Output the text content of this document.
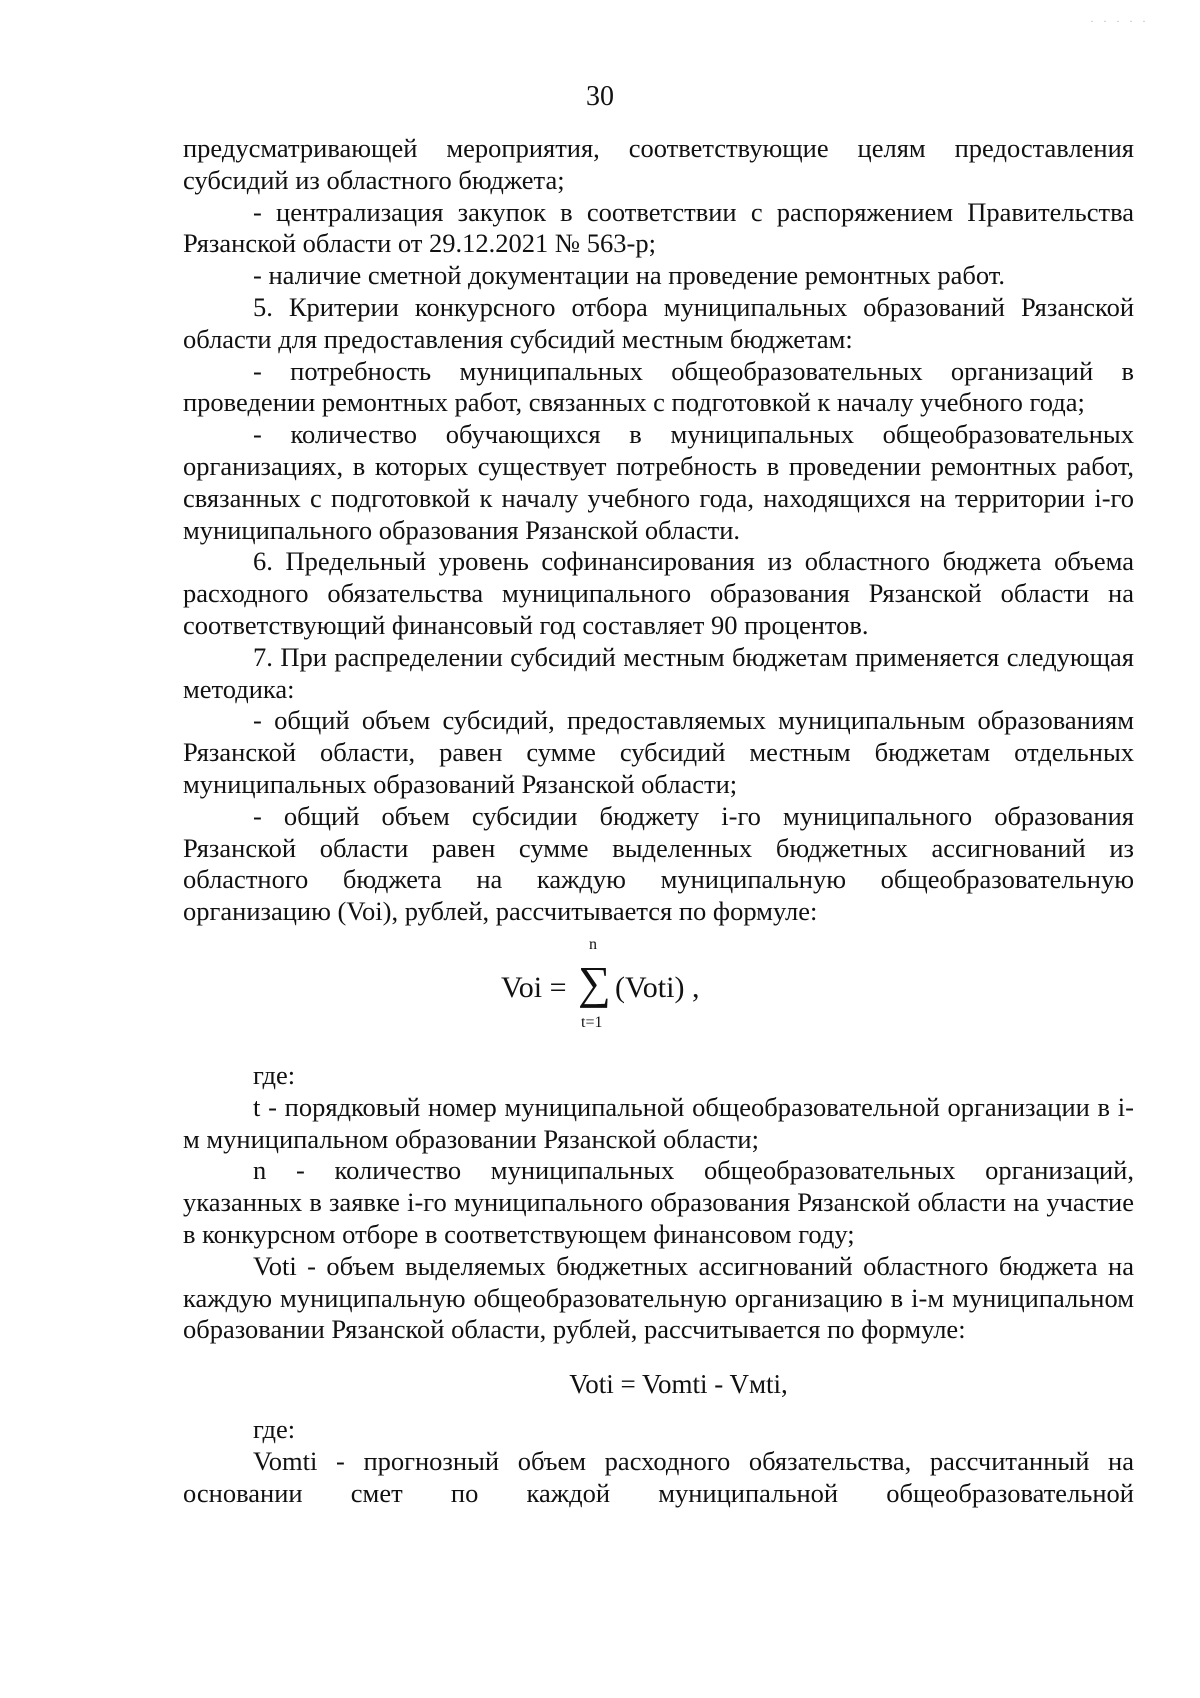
· · · · ·
30

предусматривающей мероприятия, соответствующие целям предоставления субсидий из областного бюджета;

- централизация закупок в соответствии с распоряжением Правительства Рязанской области от 29.12.2021 № 563-р;

- наличие сметной документации на проведение ремонтных работ.

5. Критерии конкурсного отбора муниципальных образований Рязанской области для предоставления субсидий местным бюджетам:

- потребность муниципальных общеобразовательных организаций в проведении ремонтных работ, связанных с подготовкой к началу учебного года;

- количество обучающихся в муниципальных общеобразовательных организациях, в которых существует потребность в проведении ремонтных работ, связанных с подготовкой к началу учебного года, находящихся на территории i-го муниципального образования Рязанской области.

6. Предельный уровень софинансирования из областного бюджета объема расходного обязательства муниципального образования Рязанской области на соответствующий финансовый год составляет 90 процентов.

7. При распределении субсидий местным бюджетам применяется следующая методика:

- общий объем субсидий, предоставляемых муниципальным образованиям Рязанской области, равен сумме субсидий местным бюджетам отдельных муниципальных образований Рязанской области;

- общий объем субсидии бюджету i-го муниципального образования Рязанской области равен сумме выделенных бюджетных ассигнований из областного бюджета на каждую муниципальную общеобразовательную организацию (Voi), рублей, рассчитывается по формуле:

Voi =
n
∑
t=1
(Voti) ,

где:

t - порядковый номер муниципальной общеобразовательной организации в i-м муниципальном образовании Рязанской области;

n - количество муниципальных общеобразовательных организаций, указанных в заявке i-го муниципального образования Рязанской области на участие в конкурсном отборе в соответствующем финансовом году;

Voti - объем выделяемых бюджетных ассигнований областного бюджета на каждую муниципальную общеобразовательную организацию в i-м муниципальном образовании Рязанской области, рублей, рассчитывается по формуле:

Voti = Vomti - Vмti,

где:

Vomti - прогнозный объем расходного обязательства, рассчитанный на основании смет по каждой муниципальной общеобразовательной
